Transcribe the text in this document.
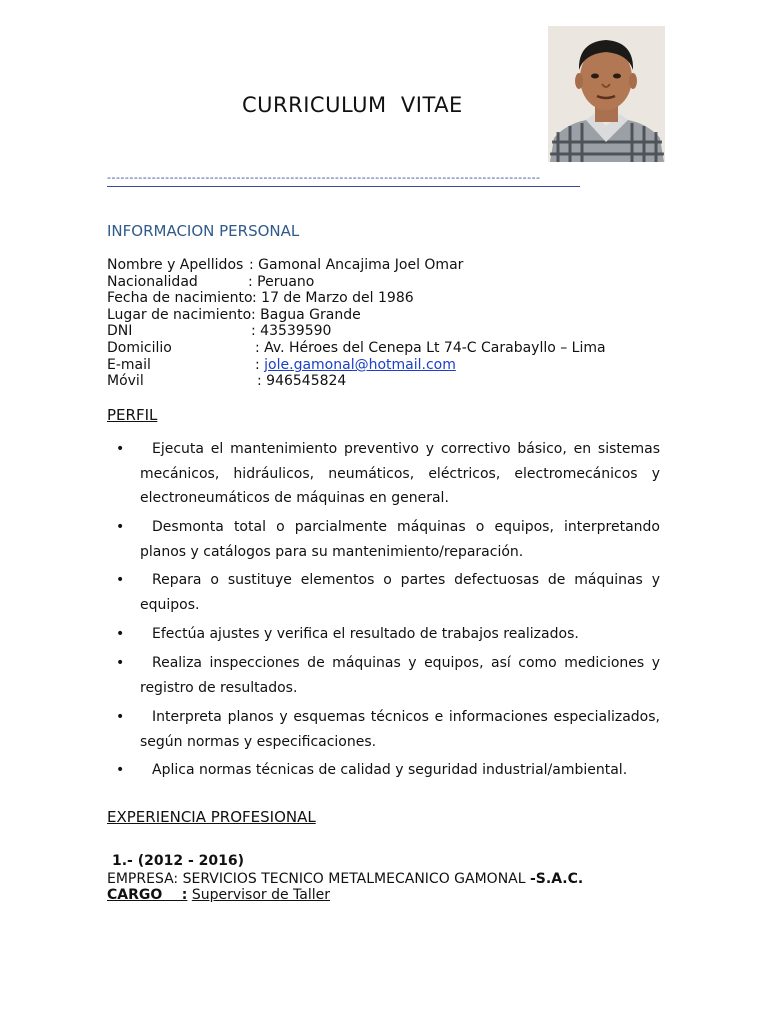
CURRICULUM  VITAE
-------------------------------------------------------------------------------------------------
INFORMACION PERSONAL
Nombre y Apellidos : Gamonal Ancajima Joel Omar
Nacionalidad	: Peruano
Fecha de nacimiento : 17 de Marzo del 1986
Lugar de nacimiento : Bagua Grande
DNI	: 43539590
Domicilio	: Av. Héroes del Cenepa Lt 74-C Carabayllo – Lima
E-mail	: jole.gamonal@hotmail.com
Móvil	: 946545824
PERFIL
•	Ejecuta el mantenimiento preventivo y correctivo básico, en sistemas mecánicos, hidráulicos, neumáticos, eléctricos, electromecánicos y electroneumáticos de máquinas en general.
•	Desmonta total o parcialmente máquinas o equipos, interpretando planos y catálogos para su mantenimiento/reparación.
•	Repara o sustituye elementos o partes defectuosas de máquinas y equipos.
•	Efectúa ajustes y verifica el resultado de trabajos realizados.
•	Realiza inspecciones de máquinas y equipos, así como mediciones y registro de resultados.
•	Interpreta planos y esquemas técnicos e informaciones especializados, según normas y especificaciones.
•	Aplica normas técnicas de calidad y seguridad industrial/ambiental.
EXPERIENCIA PROFESIONAL
1.- (2012 - 2016)
EMPRESA: SERVICIOS TECNICO METALMECANICO GAMONAL -S.A.C.
CARGO    : Supervisor de Taller
